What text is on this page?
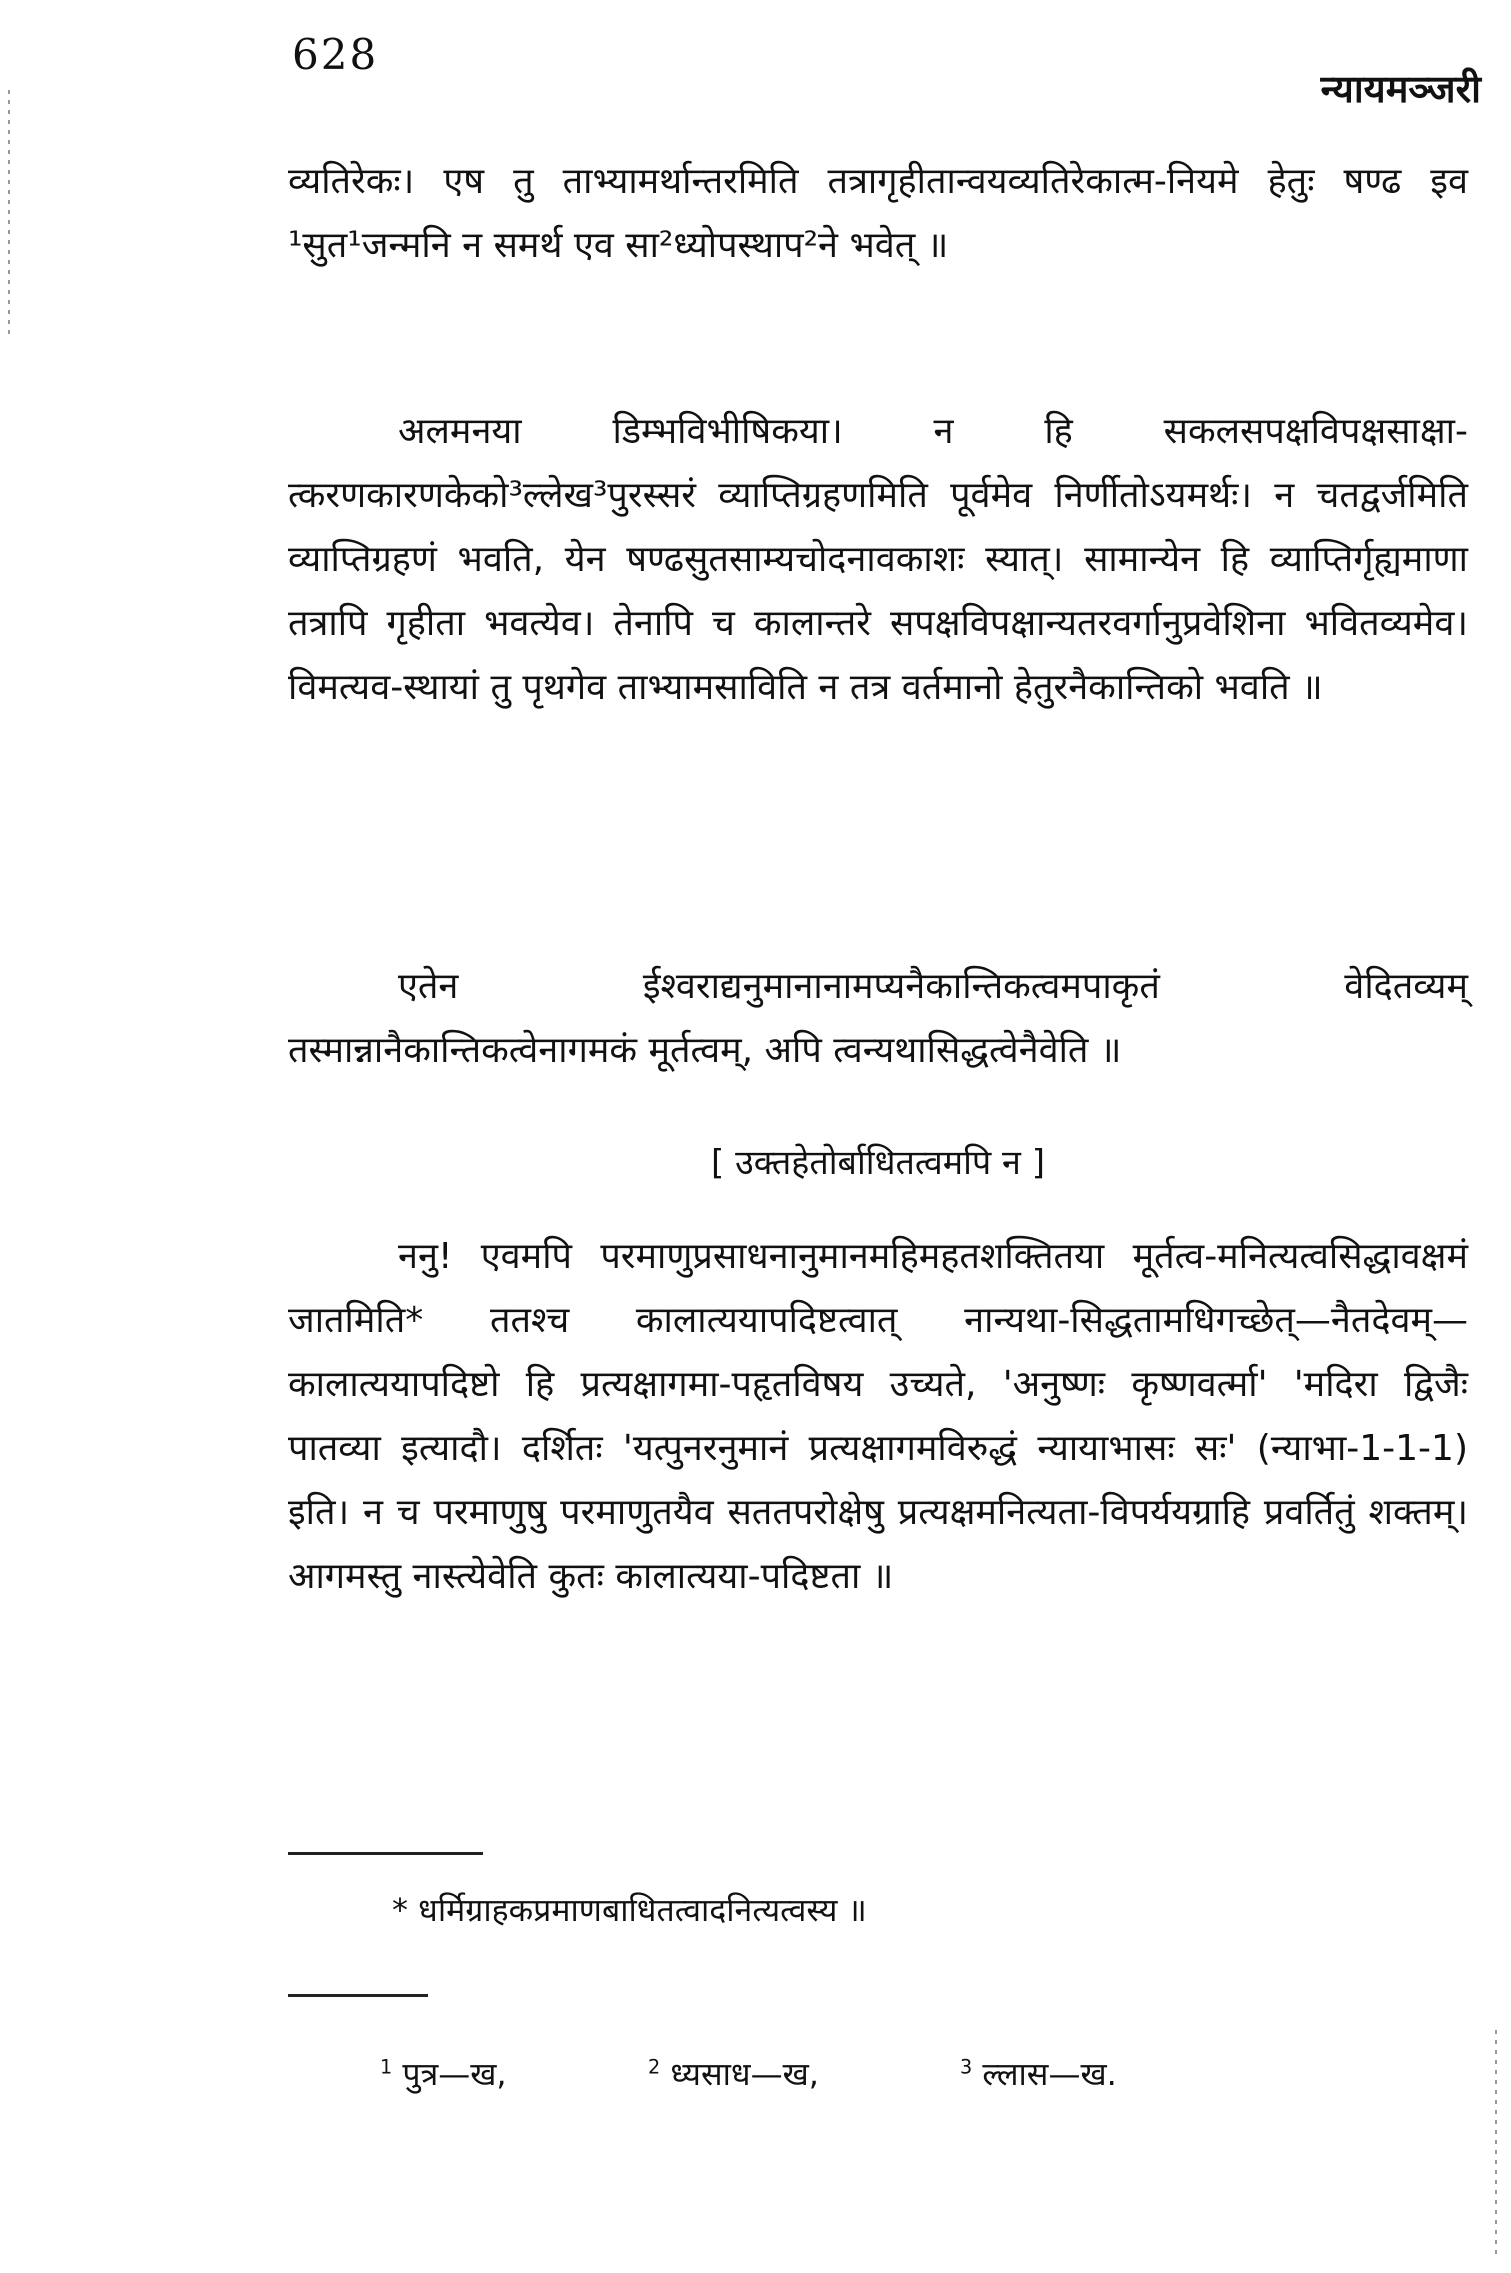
628
न्यायमञ्जरी

व्यतिरेकः। एष तु ताभ्यामर्थान्तरमिति तत्रागृहीतान्वयव्यतिरेकात्म-नियमे हेतुः षण्ढ इव ¹सुत¹जन्मनि न समर्थ एव सा²ध्योपस्थाप²ने भवेत् ॥

अलमनया डिम्भविभीषिकया। न हि सकलसपक्षविपक्षसाक्षा-त्करणकारणकेको³ल्लेख³पुरस्सरं व्याप्तिग्रहणमिति पूर्वमेव निर्णीतोऽयमर्थः। न चतद्वर्जमिति व्याप्तिग्रहणं भवति, येन षण्ढसुतसाम्यचोदनावकाशः स्यात्। सामान्येन हि व्याप्तिर्गृह्यमाणा तत्रापि गृहीता भवत्येव। तेनापि च कालान्तरे सपक्षविपक्षान्यतरवर्गानुप्रवेशिना भवितव्यमेव। विमत्यव-स्थायां तु पृथगेव ताभ्यामसाविति न तत्र वर्तमानो हेतुरनैकान्तिको भवति ॥

एतेन ईश्वराद्यनुमानानामप्यनैकान्तिकत्वमपाकृतं वेदितव्यम् तस्मान्नानैकान्तिकत्वेनागमकं मूर्तत्वम्, अपि त्वन्यथासिद्धत्वेनैवेति ॥

[ उक्तहेतोर्बाधितत्वमपि न ]

ननु! एवमपि परमाणुप्रसाधनानुमानमहिमहतशक्तितया मूर्तत्व-मनित्यत्वसिद्धावक्षमं जातमिति* ततश्च कालात्ययापदिष्टत्वात् नान्यथा-सिद्धतामधिगच्छेत्—नैतदेवम्—कालात्ययापदिष्टो हि प्रत्यक्षागमा-पहृतविषय उच्यते, 'अनुष्णः कृष्णवर्त्मा' 'मदिरा द्विजैः पातव्या इत्यादौ। दर्शितः 'यत्पुनरनुमानं प्रत्यक्षागमविरुद्धं न्यायाभासः सः' (न्याभा-1-1-1) इति। न च परमाणुषु परमाणुतयैव सततपरोक्षेषु प्रत्यक्षमनित्यता-विपर्ययग्राहि प्रवर्तितुं शक्तम्। आगमस्तु नास्त्येवेति कुतः कालात्यया-पदिष्टता ॥

* धर्मिग्राहकप्रमाणबाधितत्वादनित्यत्वस्य ॥
$^1$ पुत्र—ख,	$^2$ ध्यसाध—ख,	$^3$ ल्लास—ख.
